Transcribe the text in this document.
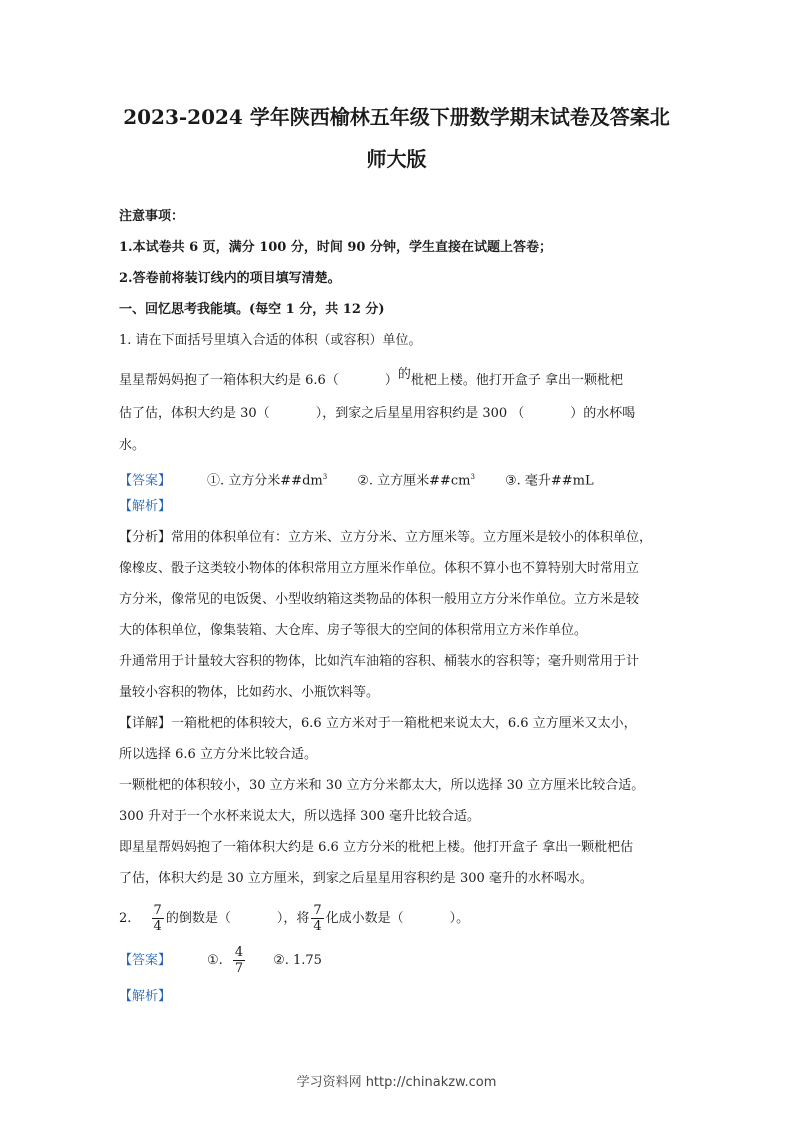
2023-2024 学年陕西榆林五年级下册数学期末试卷及答案北
师大版
注意事项：
1.本试卷共 6 页，满分 100 分，时间 90 分钟，学生直接在试题上答卷；
2.答卷前将装订线内的项目填写清楚。
一、回忆思考我能填。(每空 1 分，共 12 分)
1. 请在下面括号里填入合适的体积（或容积）单位。
星星帮妈妈抱了一箱体积大约是 6.6（	）的枇杷上楼。他打开盒子 拿出一颗枇杷
估了估，体积大约是 30（	），到家之后星星用容积约是 300 （	）的水杯喝
水。
【答案】	①. 立方分米$\#\#dm^3$ ②. 立方厘米$\#\#cm^3$ ③. 毫升##mL
【解析】
【分析】常用的体积单位有：立方米、立方分米、立方厘米等。立方厘米是较小的体积单位，
像橡皮、骰子这类较小物体的体积常用立方厘米作单位。体积不算小也不算特别大时常用立
方分米，像常见的电饭煲、小型收纳箱这类物品的体积一般用立方分米作单位。立方米是较
大的体积单位，像集装箱、大仓库、房子等很大的空间的体积常用立方米作单位。
升通常用于计量较大容积的物体，比如汽车油箱的容积、桶装水的容积等；毫升则常用于计
量较小容积的物体，比如药水、小瓶饮料等。
【详解】一箱枇杷的体积较大，6.6 立方米对于一箱枇杷来说太大，6.6 立方厘米又太小，
所以选择 6.6 立方分米比较合适。
一颗枇杷的体积较小，30 立方米和 30 立方分米都太大，所以选择 30 立方厘米比较合适。
300 升对于一个水杯来说太大，所以选择 300 毫升比较合适。
即星星帮妈妈抱了一箱体积大约是 6.6 立方分米的枇杷上楼。他打开盒子 拿出一颗枇杷估
了估，体积大约是 30 立方厘米，到家之后星星用容积约是 300 毫升的水杯喝水。
2. $\frac{7}{4}$ 的倒数是（	），将 $\frac{7}{4}$ 化成小数是（	）。
【答案】	①. $\frac{4}{7}$ ②. 1.75
【解析】
学习资料网 http://chinakzw.com
